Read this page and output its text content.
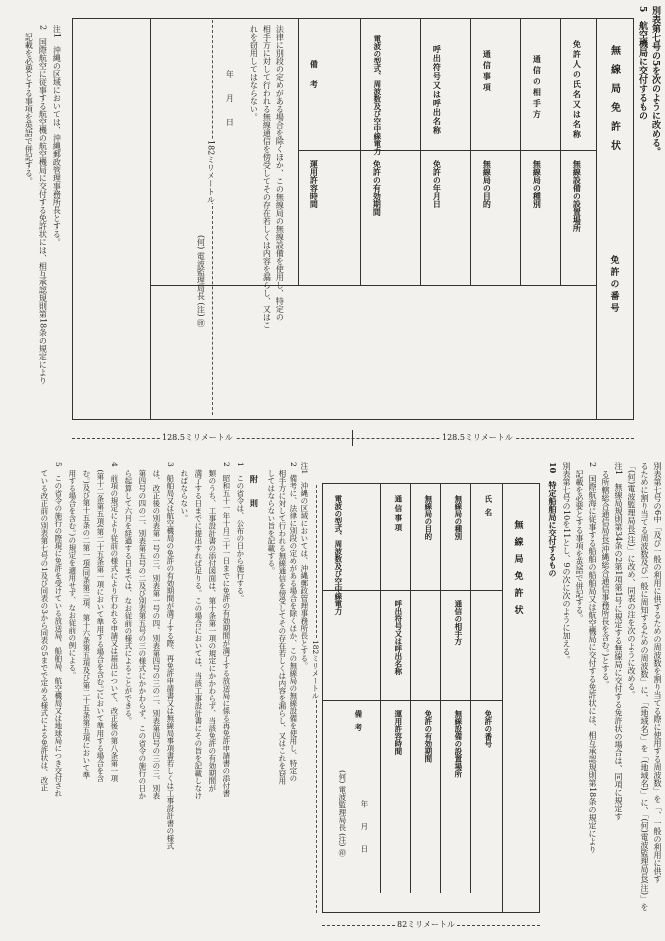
別表第七号の5を次のように改める。
5　航空機局に交付するもの
無線局免許状
免許の番号
免許人の氏名又は名称
通信の相手方
通信事項
呼出符号又は呼出名称
電波の型式、周波数及び空中線電力
備考
無線設備の設置場所
無線局の種別
無線局の目的
免許の年月日
免許の有効期間
運用許容時間
法律に別段の定めがある場合を除くほか、この無線局の無線設備を使用し、特定の
相手方に対して行われる無線通信を傍受してその存在若しくは内容を漏らし、又はこ
れを窃用してはならない。
年　　月　　日
(何) 電波監理局長 (注) ㊞
182ミリメートル
注1　沖縄の区域においては、沖縄郵政管理事務所長とする。
2　国際航空に従事する航空機の航空機局に交付する免許状には、相互承認規則第18条の規定により
　記載を必要とする事項を英語で併記する。
128.5ミリメートル	128.5ミリメートル
別表第七号の6中「及び一般の利用に供するための周波数を割り当てる際に使用する周波数」を「、一般の利用に供す
るために割り当てる周波数及び一般に周知するための周波数」に、「(地域名)」を「(地域名)」に、「(何)電波監理局長(注)」を
「(何)電波監理局長(注)」に改め、同表の注を次のように改める。
注1　無線局規則第34条の2第1項第1号に規定する無線局に交付する免許状の場合は、同項に規定す
　る所轄総合通信局長(沖縄総合通信事務所長を含む。)とする。
2　国際航海に従事する船舶の船舶局又は航空機局に交付する免許状には、相互承認規則第18条の規定により
　記載を必要とする事項を英語で併記する。
別表第七号の10を11とし、9の次に次のように加える。
10　特定船舶局に交付するもの
無線局免許状
氏名
無線局の種別
無線局の目的
通信事項
電波の型式、周波数及び空中線電力
通信の相手方
呼出符号又は呼出名称
免許の番号
無線設備の設置場所
免許の有効期間
運用許容時間
備考
年　　月　　日
(何) 電波監理局長 (注) ㊞
182ミリメートル
82ミリメートル
注1　沖縄の区域においては、沖縄郵政管理事務所長とする。
2　備考に、法律に別段の定めがある場合を除くほか、この無線局の無線設備を使用し、特定の
　相手方に対して行われる無線通信を傍受してその存在若しくは内容を漏らし、又はこれを窃用
　してはならない旨を記載する。
附　則
1　この省令は、公布の日から施行する。
2　昭和五十一年十月三十一日までに免許の有効期間が満了する放送局に係る再免許申請書の添付書
　類のうち、工事設計書の添付図面は、第十条第一項の規定にかかわらず、当該免許の有効期間が
　満了する日までに提出すれば足りる。この場合においては、当該工事設計書にその旨を記載しなけ
　ればならない。
3　船舶局又は航空機局の免許の有効期間が満了する際、再免許申請書又は無線局事項書若しくは工事設計書の様式
　は、改正後の別表第一号の三、別表第一号の四、別表第四号の三の二、別表第四号の三の三、別表
　第四号の四の二、別表第五号の二及び別表第五号の三の様式にかかわらず、この省令の施行の日か
　ら起算して六月を経過する日までは、なお従前の様式によることができる。
4　前項の規定により従前の様式により行われる申請又は届出について、改正後の第八条第一項
　(第十二条第五項(第二十五条第一項において準用する場合を含む。)において準用する場合を含
　む。)及び第十五条の二第一項(同条第三項、第十六条第五項及び第二十五条第五項において準
　用する場合を含む。)の規定を適用せず、なお従前の例による。
5　この省令の施行の際現に免許を受けている放送局、船舶局、航空機局又は地球局につき交付され
　ている改正前の別表第七号の1及び同表の3から同表の5までで定める様式による免許状は、改正
